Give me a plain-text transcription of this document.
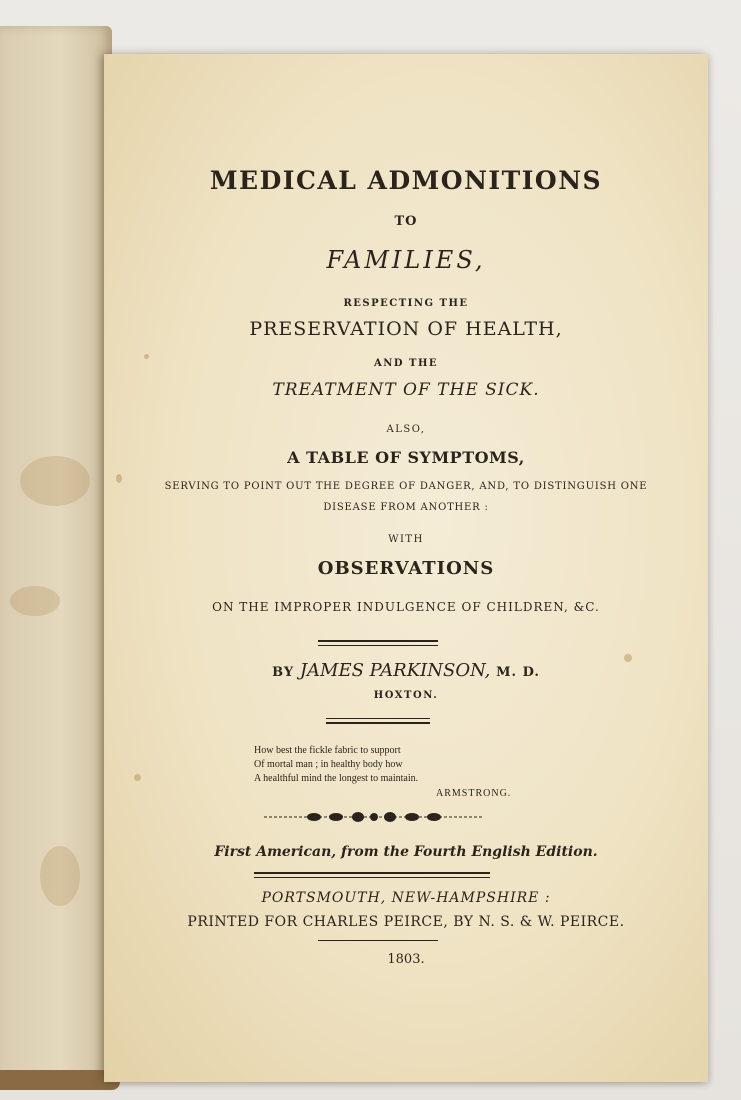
MEDICAL ADMONITIONS
TO
FAMILIES,
RESPECTING THE
PRESERVATION OF HEALTH,
AND THE
TREATMENT OF THE SICK.
ALSO,
A TABLE OF SYMPTOMS,
SERVING TO POINT OUT THE DEGREE OF DANGER, AND, TO DISTINGUISH ONE
DISEASE FROM ANOTHER :
WITH
OBSERVATIONS
ON THE IMPROPER INDULGENCE OF CHILDREN, &C.
BY JAMES PARKINSON, M. D.
HOXTON.
How best the fickle fabric to support
Of mortal man ; in healthy body how
A healthful mind the longest to maintain.
ARMSTRONG.
First American, from the Fourth English Edition.
PORTSMOUTH, NEW-HAMPSHIRE :
PRINTED FOR CHARLES PEIRCE, BY N. S. & W. PEIRCE.
1803.
